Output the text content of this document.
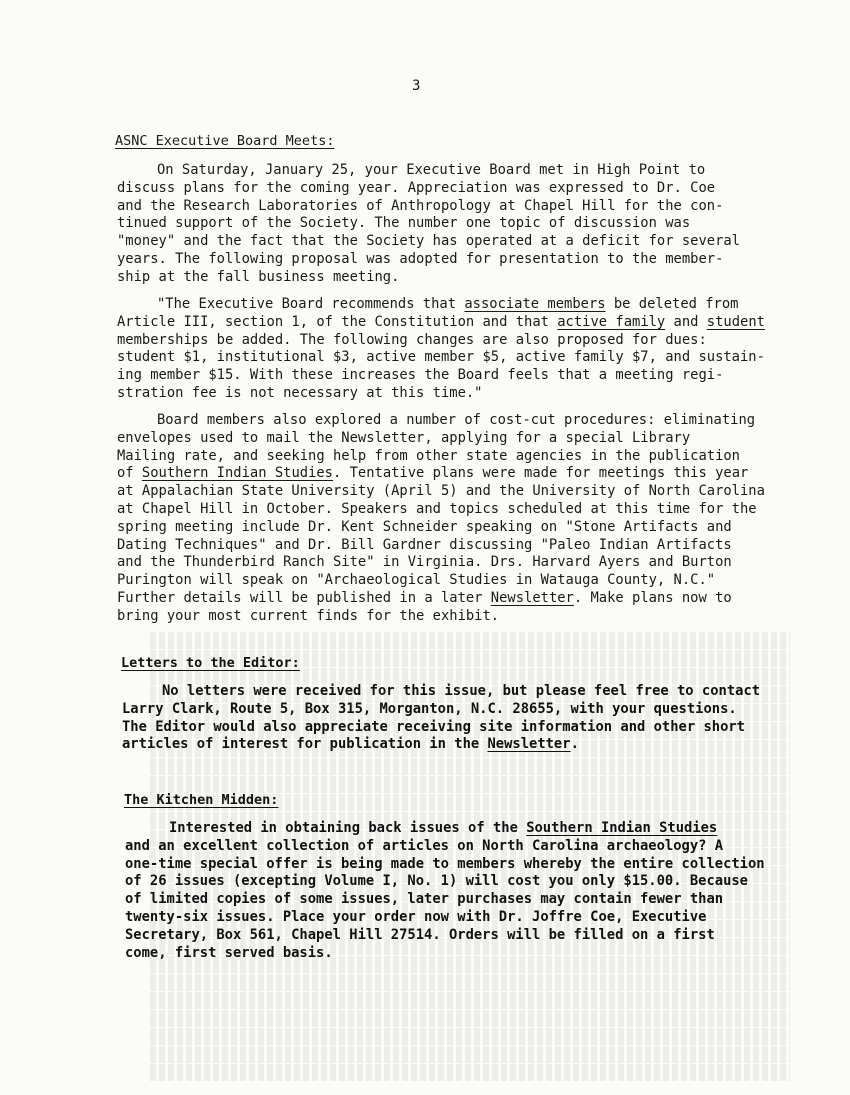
3
ASNC Executive Board Meets:
On Saturday, January 25, your Executive Board met in High Point to
discuss plans for the coming year. Appreciation was expressed to Dr. Coe
and the Research Laboratories of Anthropology at Chapel Hill for the con-
tinued support of the Society. The number one topic of discussion was
"money" and the fact that the Society has operated at a deficit for several
years. The following proposal was adopted for presentation to the member-
ship at the fall business meeting.
"The Executive Board recommends that associate members be deleted from
Article III, section 1, of the Constitution and that active family and student
memberships be added. The following changes are also proposed for dues:
student $1, institutional $3, active member $5, active family $7, and sustain-
ing member $15. With these increases the Board feels that a meeting regi-
stration fee is not necessary at this time."
Board members also explored a number of cost-cut procedures: eliminating
envelopes used to mail the Newsletter, applying for a special Library
Mailing rate, and seeking help from other state agencies in the publication
of Southern Indian Studies. Tentative plans were made for meetings this year
at Appalachian State University (April 5) and the University of North Carolina
at Chapel Hill in October. Speakers and topics scheduled at this time for the
spring meeting include Dr. Kent Schneider speaking on "Stone Artifacts and
Dating Techniques" and Dr. Bill Gardner discussing "Paleo Indian Artifacts
and the Thunderbird Ranch Site" in Virginia. Drs. Harvard Ayers and Burton
Purington will speak on "Archaeological Studies in Watauga County, N.C."
Further details will be published in a later Newsletter. Make plans now to
bring your most current finds for the exhibit.
Letters to the Editor:
No letters were received for this issue, but please feel free to contact
Larry Clark, Route 5, Box 315, Morganton, N.C. 28655, with your questions.
The Editor would also appreciate receiving site information and other short
articles of interest for publication in the Newsletter.
The Kitchen Midden:
Interested in obtaining back issues of the Southern Indian Studies
and an excellent collection of articles on North Carolina archaeology? A
one-time special offer is being made to members whereby the entire collection
of 26 issues (excepting Volume I, No. 1) will cost you only $15.00. Because
of limited copies of some issues, later purchases may contain fewer than
twenty-six issues. Place your order now with Dr. Joffre Coe, Executive
Secretary, Box 561, Chapel Hill 27514. Orders will be filled on a first
come, first served basis.
